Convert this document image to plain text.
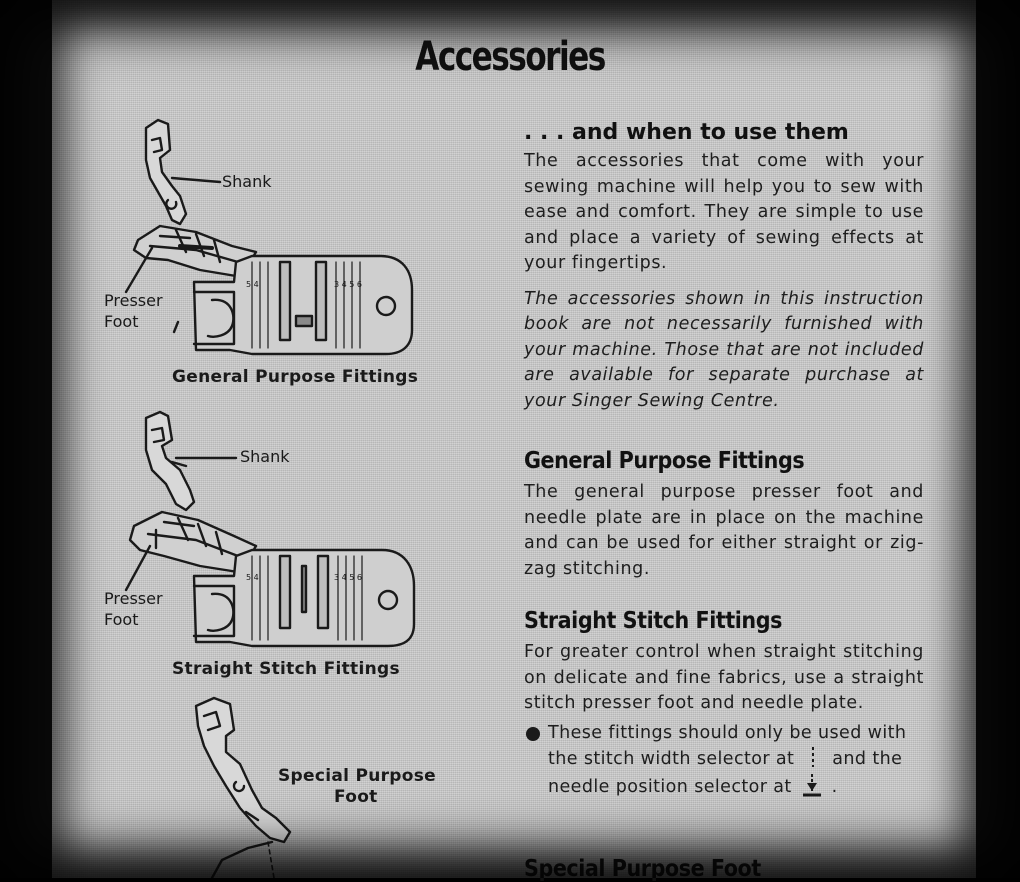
Accessories
5 4	3 4 5 6
5 4	3 4 5 6
Shank
Presser
Foot
General Purpose Fittings
Shank
Presser
Foot
Straight Stitch Fittings
Special Purpose
Foot

. . . and when to use them

The accessories that come with your sewing machine will help you to sew with ease and comfort. They are simple to use and place a variety of sewing effects at your fingertips.

The accessories shown in this instruction book are not necessarily furnished with your machine. Those that are not included are available for separate purchase at your Singer Sewing Centre.

General Purpose Fittings

The general purpose presser foot and needle plate are in place on the machine and can be used for either straight or zig-zag stitching.

Straight Stitch Fittings

For greater control when straight stitching on delicate and fine fabrics, use a straight stitch presser foot and needle plate.

These fittings should only be used with the stitch width selector at and the needle position selector at .

Special Purpose Foot
